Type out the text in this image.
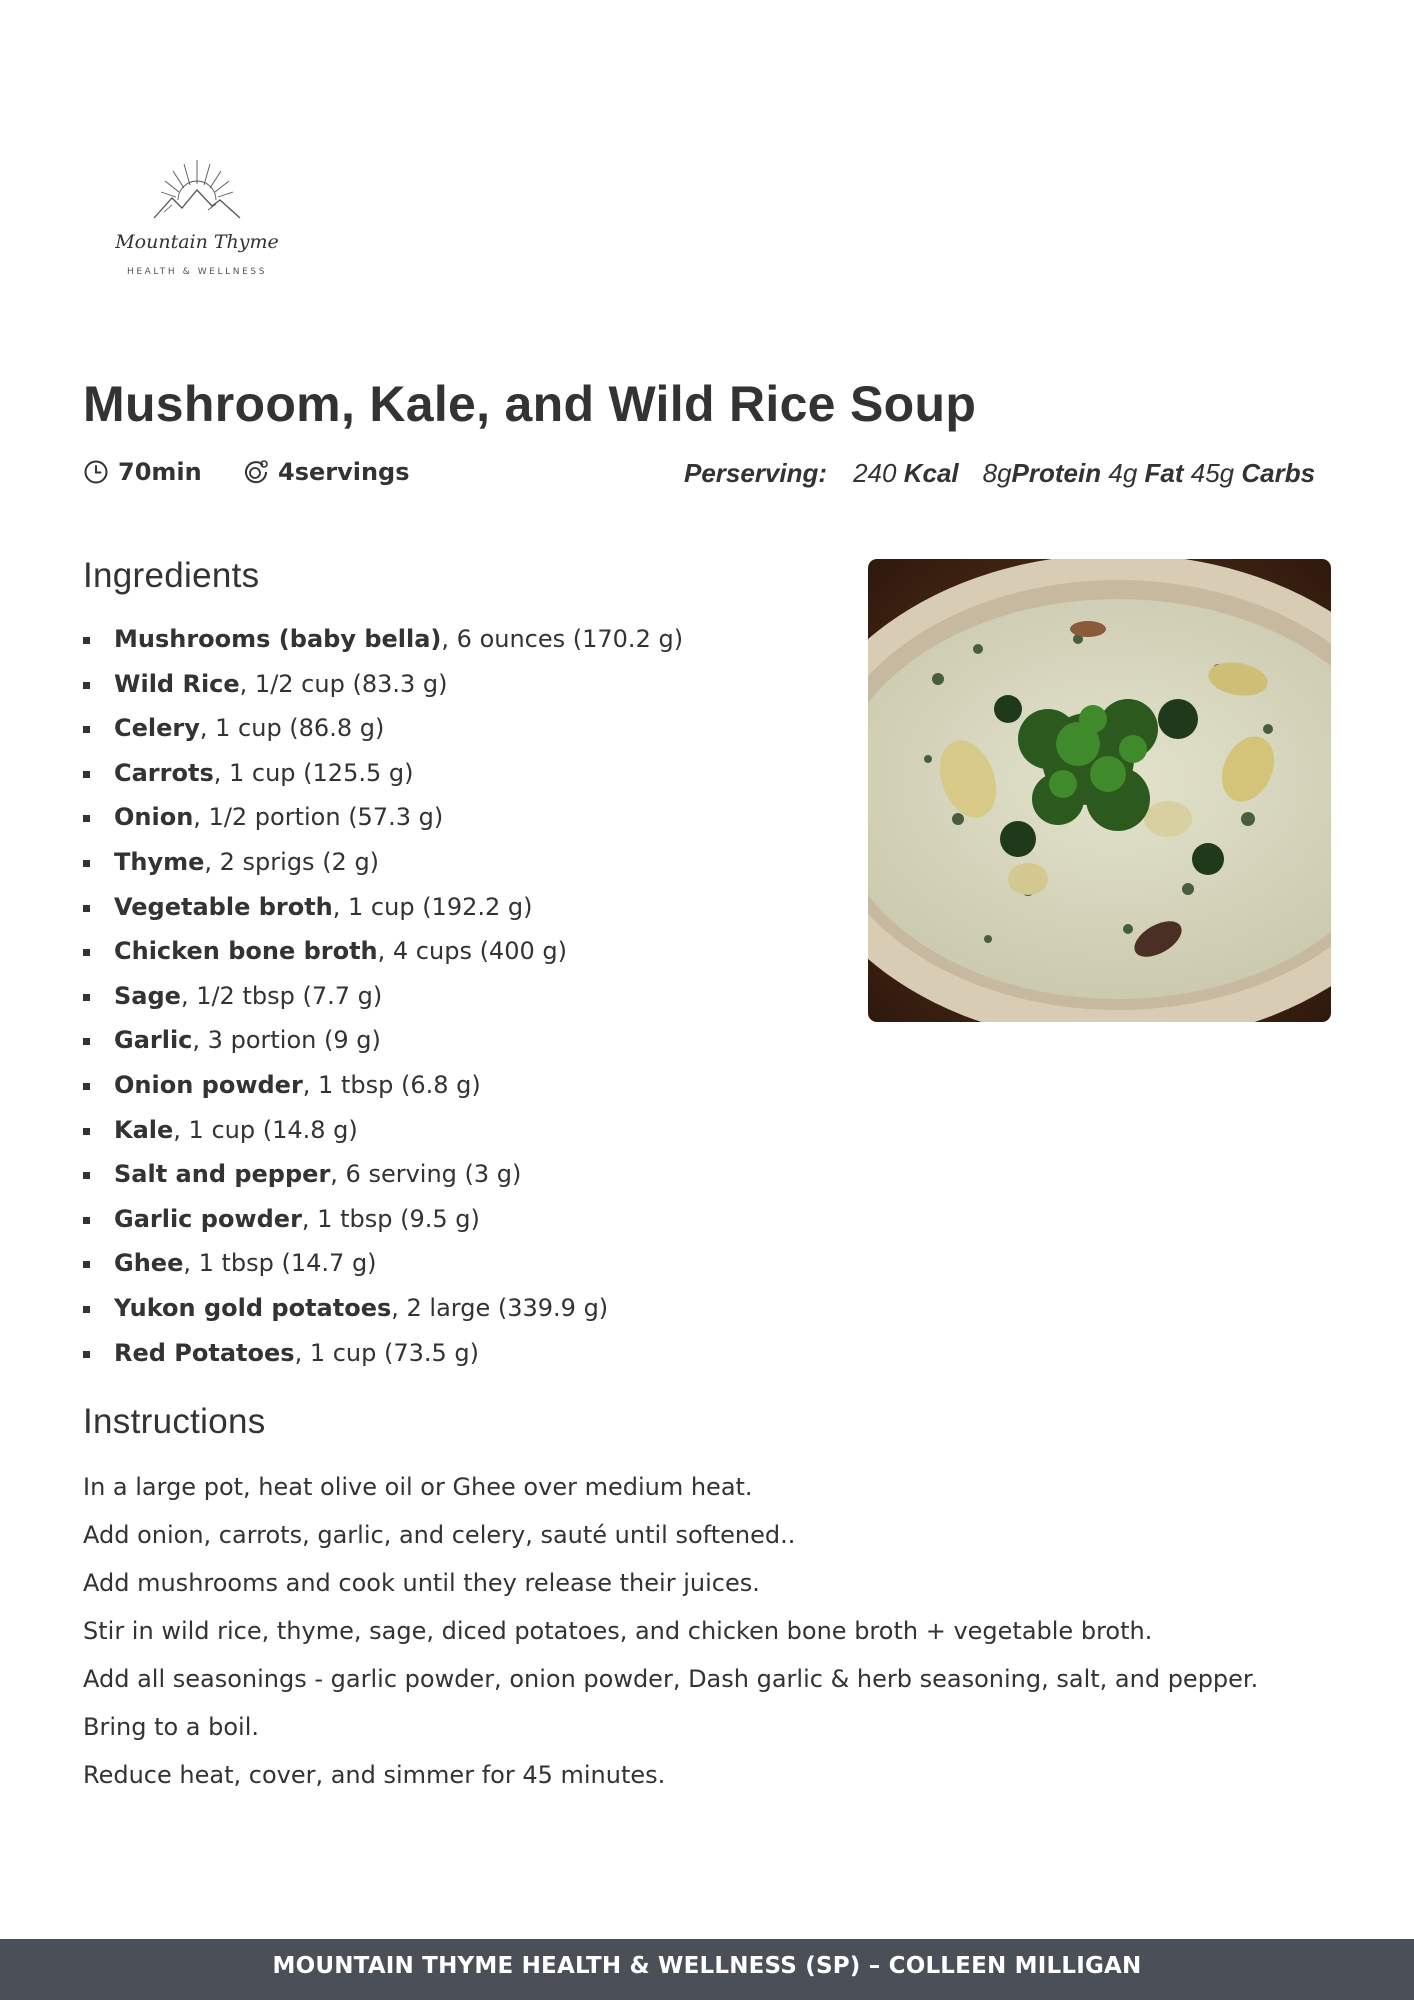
Mountain Thyme
HEALTH & WELLNESS
Mushroom, Kale, and Wild Rice Soup
70min	4servings	Perserving: 240 Kcal 8gProtein 4g Fat 45g Carbs
Ingredients
Mushrooms (baby bella), 6 ounces (170.2 g)
Wild Rice, 1/2 cup (83.3 g)
Celery, 1 cup (86.8 g)
Carrots, 1 cup (125.5 g)
Onion, 1/2 portion (57.3 g)
Thyme, 2 sprigs (2 g)
Vegetable broth, 1 cup (192.2 g)
Chicken bone broth, 4 cups (400 g)
Sage, 1/2 tbsp (7.7 g)
Garlic, 3 portion (9 g)
Onion powder, 1 tbsp (6.8 g)
Kale, 1 cup (14.8 g)
Salt and pepper, 6 serving (3 g)
Garlic powder, 1 tbsp (9.5 g)
Ghee, 1 tbsp (14.7 g)
Yukon gold potatoes, 2 large (339.9 g)
Red Potatoes, 1 cup (73.5 g)
Instructions
In a large pot, heat olive oil or Ghee over medium heat.
Add onion, carrots, garlic, and celery, sauté until softened..
Add mushrooms and cook until they release their juices.
Stir in wild rice, thyme, sage, diced potatoes, and chicken bone broth + vegetable broth.
Add all seasonings - garlic powder, onion powder, Dash garlic & herb seasoning, salt, and pepper.
Bring to a boil.
Reduce heat, cover, and simmer for 45 minutes.
MOUNTAIN THYME HEALTH & WELLNESS (SP) – COLLEEN MILLIGAN
